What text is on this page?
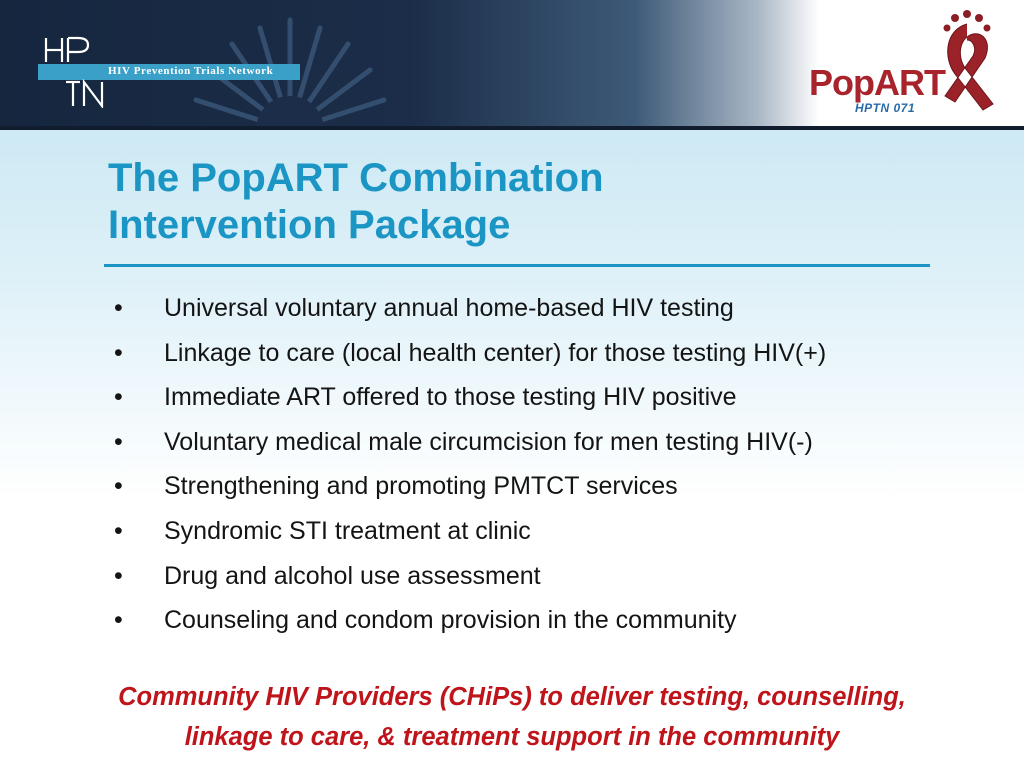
HIV Prevention Trials Network	PopART
HPTN 071
The PopART Combination
Intervention Package
•	Universal voluntary annual home-based HIV testing
•	Linkage to care (local health center) for those testing HIV(+)
•	Immediate ART offered to those testing HIV positive
•	Voluntary medical male circumcision for men testing HIV(-)
•	Strengthening and promoting PMTCT services
•	Syndromic STI treatment at clinic
•	Drug and alcohol use assessment
•	Counseling and condom provision in the community
Community HIV Providers (CHiPs) to deliver testing, counselling,
linkage to care, & treatment support in the community
